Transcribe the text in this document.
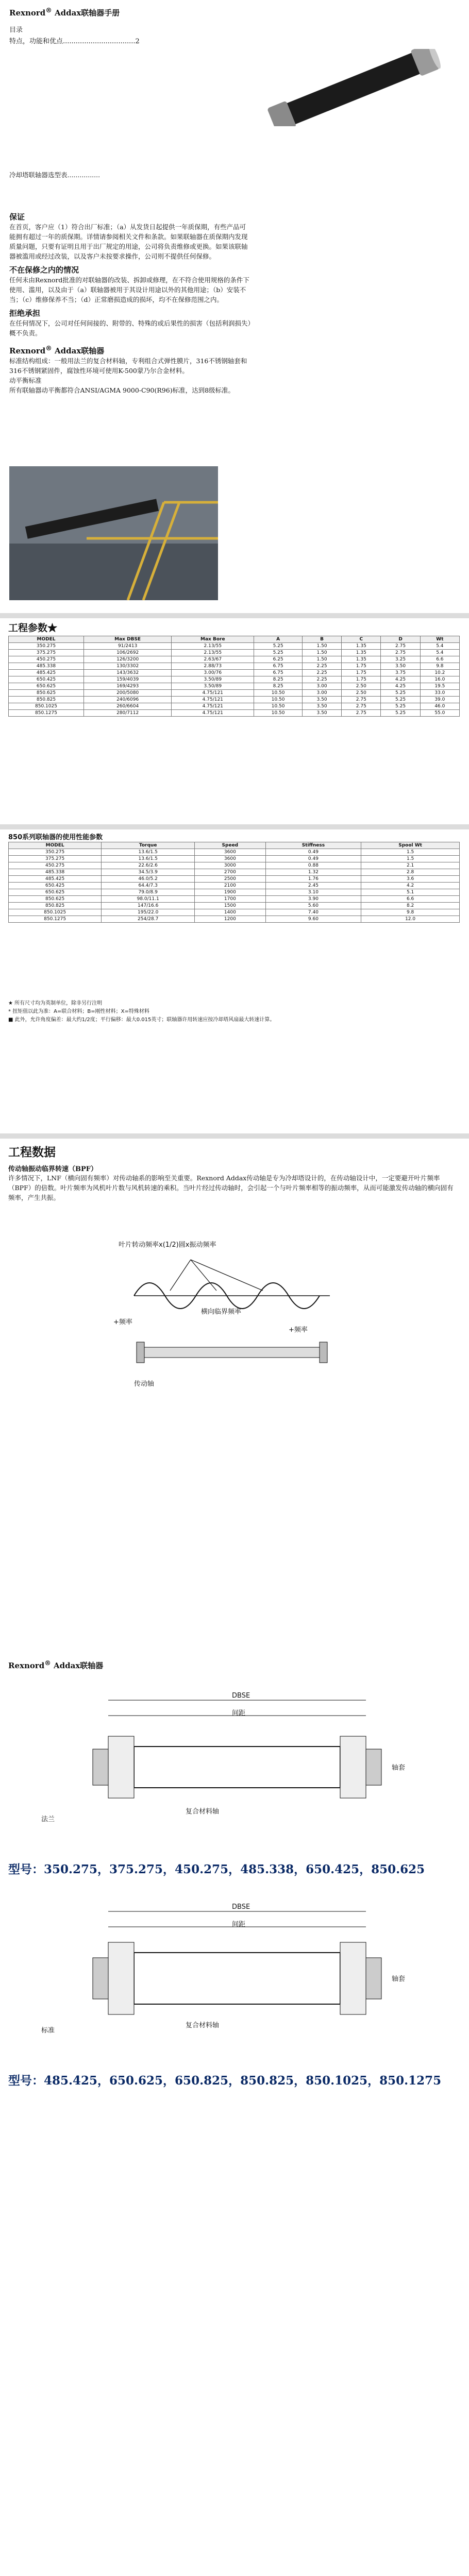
Rexnord® Addax联轴器手册
目录
特点，功能和优点..................................2
冷却塔联轴器选型表................

保证

在首页，客户应（1）符合出厂标准；（a）从发货日起提供一年质保期，有些产品可能拥有超过一年的质保期。详情请参阅相关文件和条款。如果联轴器在质保期内发现质量问题，只要有证明且用于出厂规定的用途，公司将负责维修或更换。如果该联轴器被滥用或经过改装，以及客户未按要求操作，公司则不提供任何保修。

不在保修之内的情况

任何未由Rexnord批准的对联轴器的改装、拆卸或修理，在不符合使用规格的条件下使用、滥用，以及由于（a）联轴器被用于其设计用途以外的其他用途；（b）安装不当；（c）维修保养不当；（d）正常磨损造成的损坏，均不在保修范围之内。

拒绝承担

在任何情况下，公司对任何间接的、附带的、特殊的或后果性的损害（包括利润损失）概不负责。

Rexnord® Addax联轴器

标准结构组成：一般用法兰的复合材料轴，专利组合式弹性膜片，316不锈钢轴套和316不锈钢紧固件，腐蚀性环境可使用K-500蒙乃尔合金材料。

动平衡标准

所有联轴器动平衡都符合ANSI/AGMA 9000-C90(R96)标准，达到8级标准。

工程参数★
MODEL	Max DBSE	Max Bore	A	B	C	D	Wt
350.275	91/2413	2.13/55	5.25	1.50	1.35	2.75	5.4
375.275	106/2692	2.13/55	5.25	1.50	1.35	2.75	5.4
450.275	126/3200	2.63/67	6.25	1.50	1.35	3.25	6.6
485.338	130/3302	2.88/73	6.75	2.25	1.75	3.50	9.8
485.425	143/3632	3.00/76	6.75	2.25	1.75	3.75	10.2
650.425	159/4039	3.50/89	8.25	2.25	1.75	4.25	16.0
650.625	169/4293	3.50/89	8.25	3.00	2.50	4.25	19.5
850.625	200/5080	4.75/121	10.50	3.00	2.50	5.25	33.0
850.825	240/6096	4.75/121	10.50	3.50	2.75	5.25	39.0
850.1025	260/6604	4.75/121	10.50	3.50	2.75	5.25	46.0
850.1275	280/7112	4.75/121	10.50	3.50	2.75	5.25	55.0
850系列联轴器的使用性能参数
MODEL	Torque	Speed	Stiffness	Spool Wt
350.275	13.6/1.5	3600	0.49	1.5
375.275	13.6/1.5	3600	0.49	1.5
450.275	22.6/2.6	3000	0.88	2.1
485.338	34.5/3.9	2700	1.32	2.8
485.425	46.0/5.2	2500	1.76	3.6
650.425	64.4/7.3	2100	2.45	4.2
650.625	79.0/8.9	1900	3.10	5.1
850.625	98.0/11.1	1700	3.90	6.6
850.825	147/16.6	1500	5.60	8.2
850.1025	195/22.0	1400	7.40	9.8
850.1275	254/28.7	1200	9.60	12.0
★ 所有尺寸均为英制单位，除非另行注明
* 扭矩值以此为准：A=联合材料；B=刚性材料；X=特殊材料
■ 此外，允许角度偏差：最大约1/2度；平行偏移：最大0.015英寸；联轴器许用转速应按冷却塔风扇最大转速计算。
工程数据

传动轴振动临界转速（BPF）

许多情况下，LNF（横向固有频率）对传动轴系的影响至关重要。Rexnord Addax传动轴是专为冷却塔设计的，在传动轴设计中，一定要避开叶片频率（BPF）的倍数。叶片频率为风机叶片数与风机转速的乘积。当叶片经过传动轴时，会引起一个与叶片频率相等的振动频率，从而可能激发传动轴的横向固有频率，产生共振。

叶片转动频率x(1/2)圆x振动频率
+频率
+频率
横向临界频率
传动轴
Rexnord® Addax联轴器
DBSE
间距
复合材料轴
法兰
轴套
型号：350.275，375.275，450.275，485.338，650.425，850.625
DBSE
间距
复合材料轴
标准
轴套
型号：485.425，650.625，650.825，850.825，850.1025，850.1275
